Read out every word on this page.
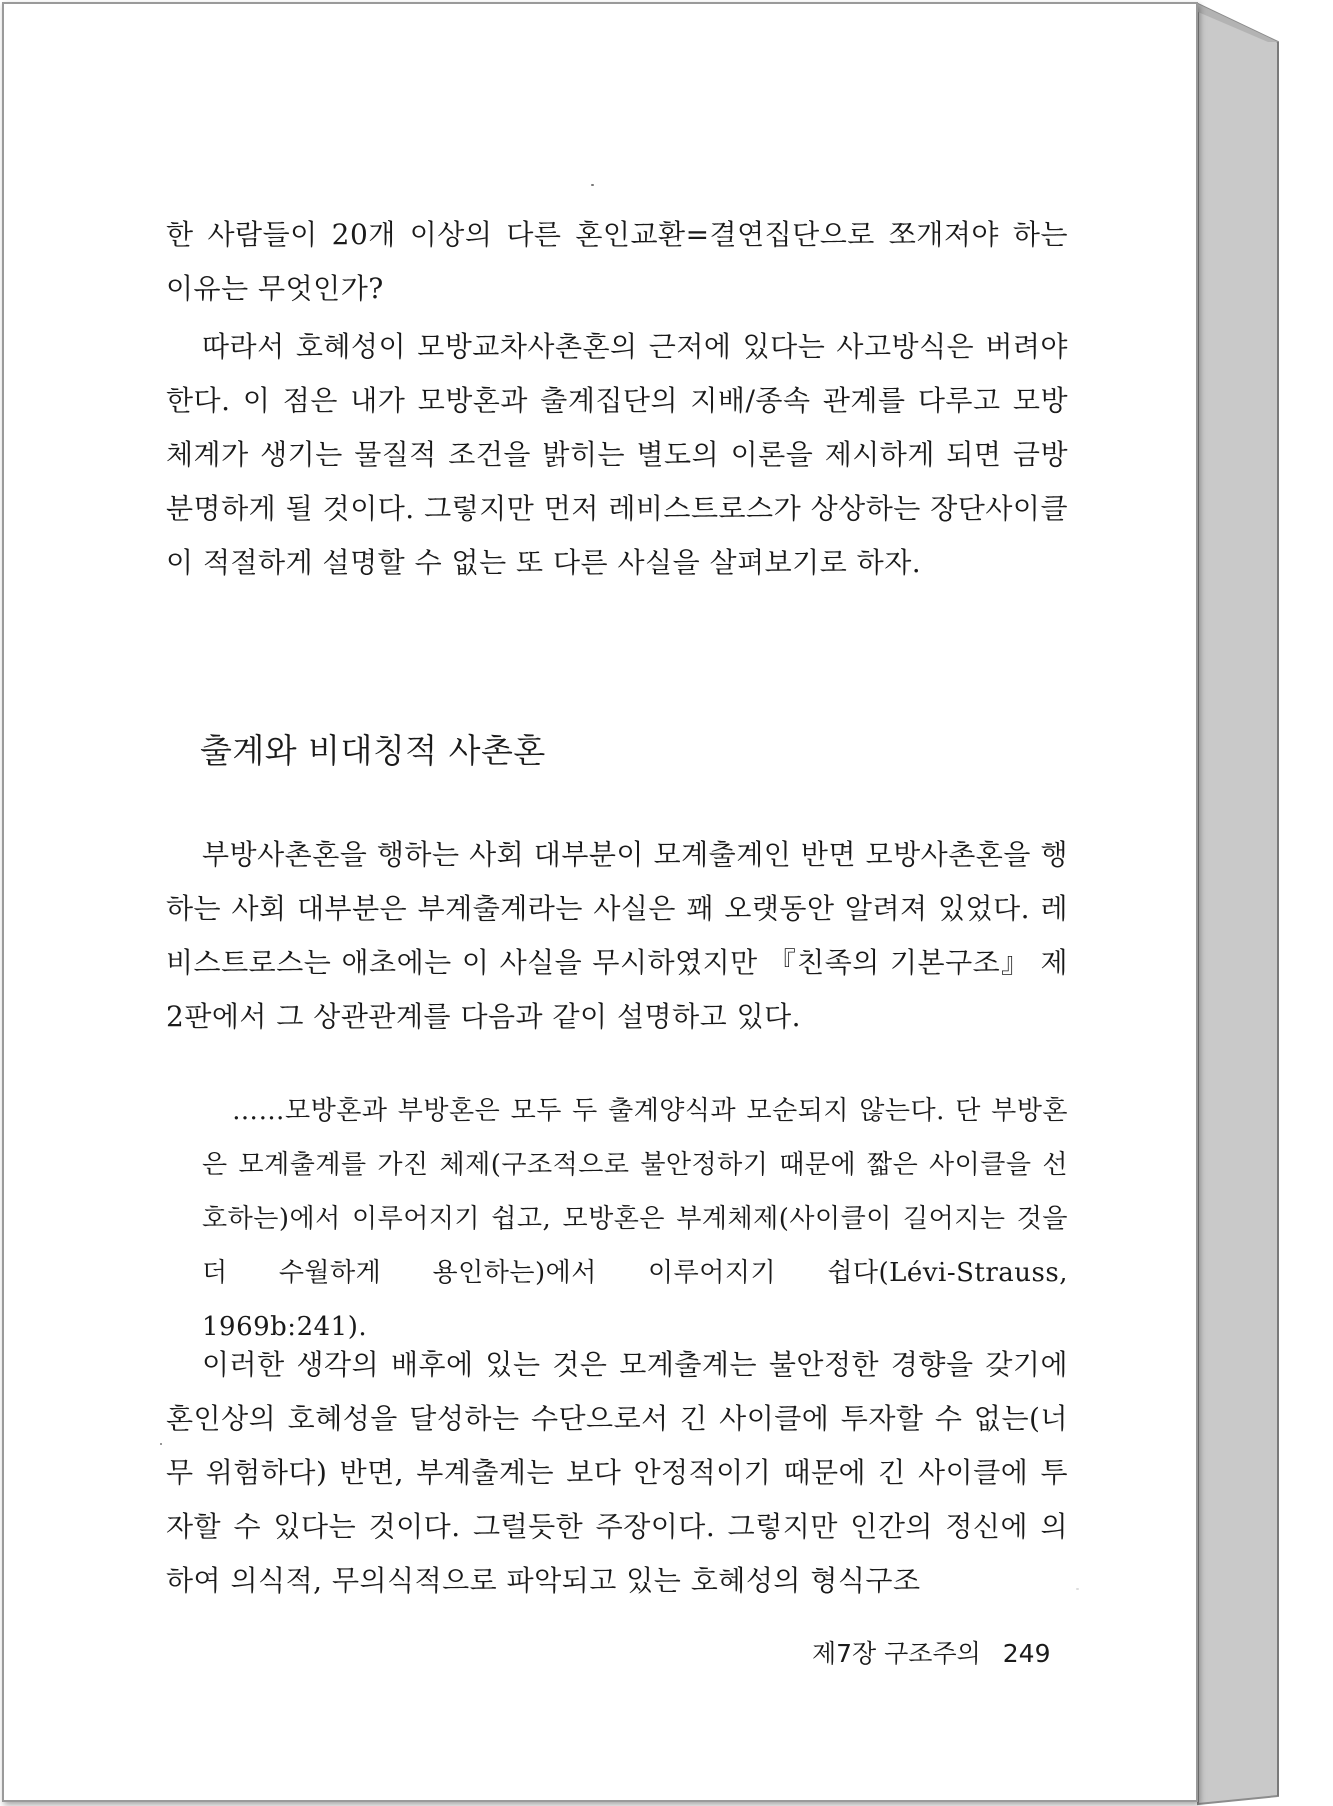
한 사람들이 20개 이상의 다른 혼인교환=결연집단으로 쪼개져야 하는 이유는 무엇인가?

따라서 호혜성이 모방교차사촌혼의 근저에 있다는 사고방식은 버려야 한다. 이 점은 내가 모방혼과 출계집단의 지배/종속 관계를 다루고 모방체계가 생기는 물질적 조건을 밝히는 별도의 이론을 제시하게 되면 금방 분명하게 될 것이다. 그렇지만 먼저 레비스트로스가 상상하는 장단사이클이 적절하게 설명할 수 없는 또 다른 사실을 살펴보기로 하자.

출계와 비대칭적 사촌혼

부방사촌혼을 행하는 사회 대부분이 모계출계인 반면 모방사촌혼을 행하는 사회 대부분은 부계출계라는 사실은 꽤 오랫동안 알려져 있었다. 레비스트로스는 애초에는 이 사실을 무시하였지만 『친족의 기본구조』 제2판에서 그 상관관계를 다음과 같이 설명하고 있다.

……모방혼과 부방혼은 모두 두 출계양식과 모순되지 않는다. 단 부방혼은 모계출계를 가진 체제(구조적으로 불안정하기 때문에 짧은 사이클을 선호하는)에서 이루어지기 쉽고, 모방혼은 부계체제(사이클이 길어지는 것을 더 수월하게 용인하는)에서 이루어지기 쉽다(Lévi-Strauss, 1969b:241).

이러한 생각의 배후에 있는 것은 모계출계는 불안정한 경향을 갖기에 혼인상의 호혜성을 달성하는 수단으로서 긴 사이클에 투자할 수 없는(너무 위험하다) 반면, 부계출계는 보다 안정적이기 때문에 긴 사이클에 투자할 수 있다는 것이다. 그럴듯한 주장이다. 그렇지만 인간의 정신에 의하여 의식적, 무의식적으로 파악되고 있는 호혜성의 형식구조

제7장 구조주의 249
